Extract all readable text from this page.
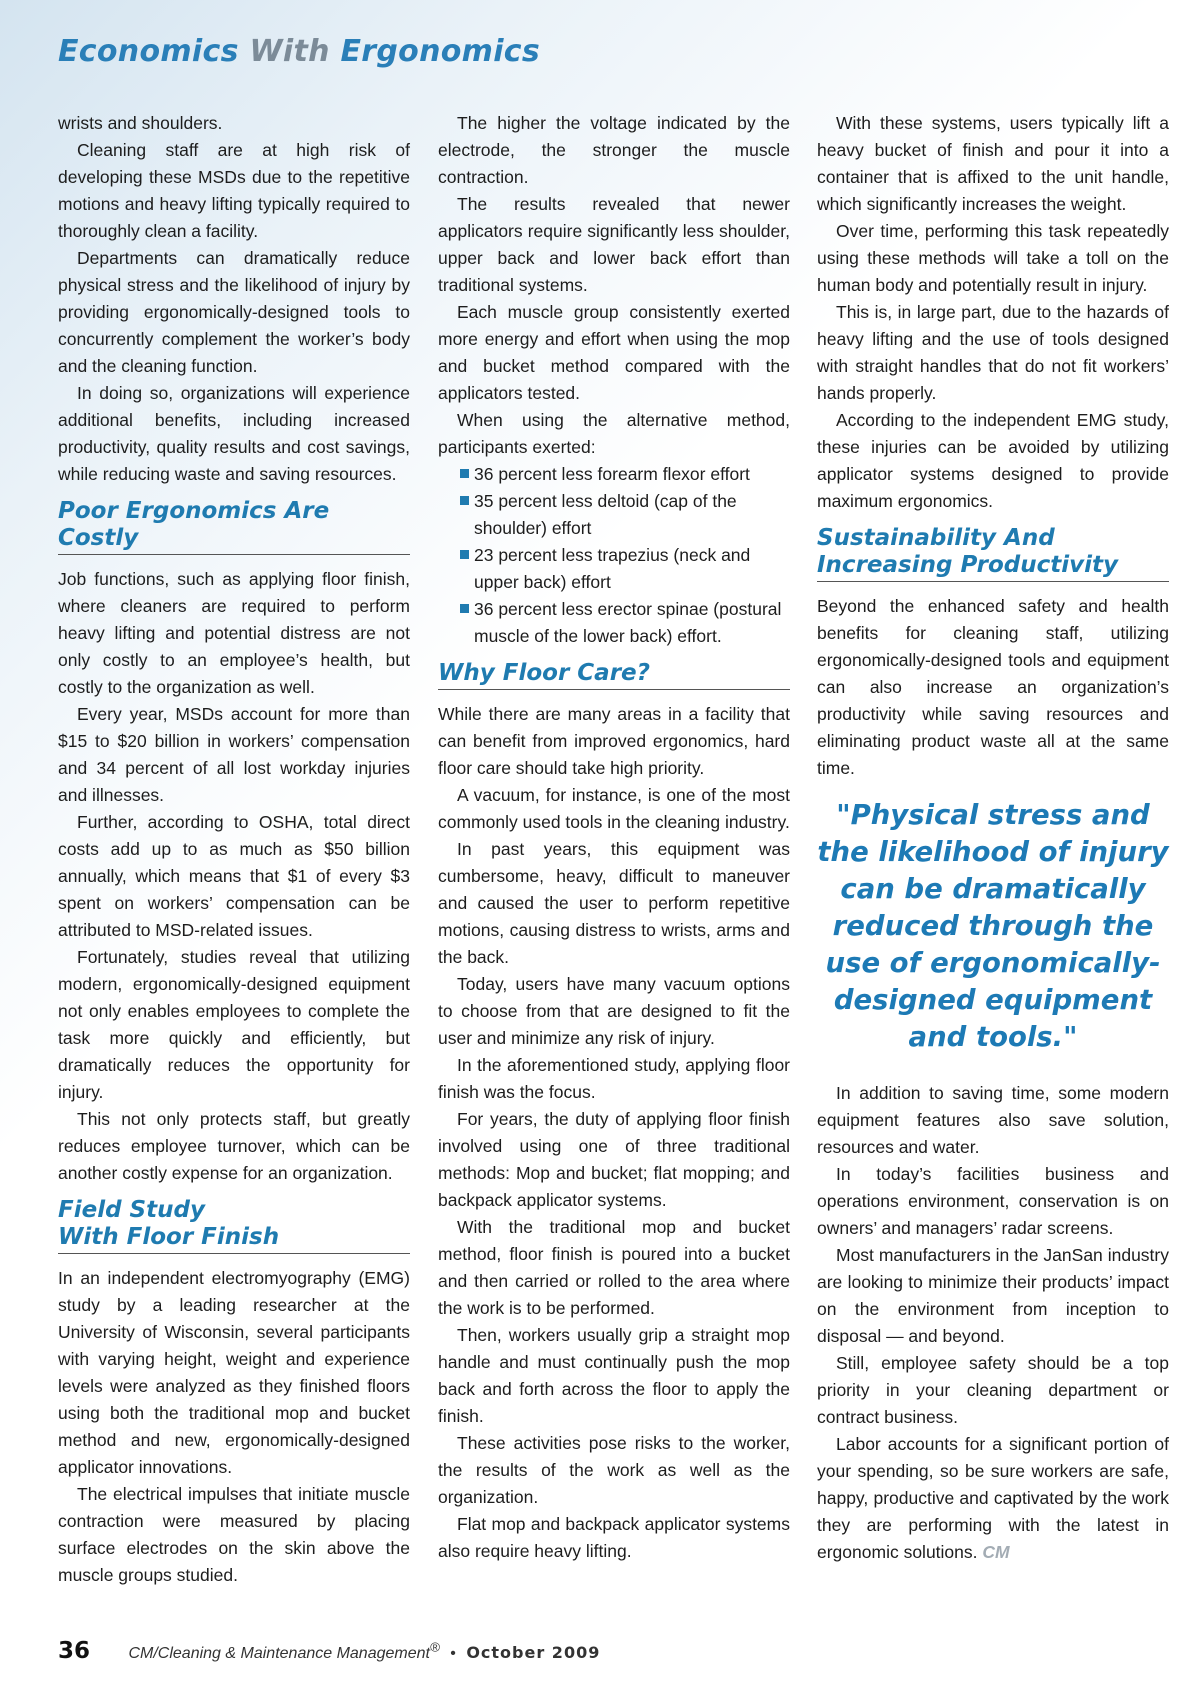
Economics With Ergonomics

wrists and shoulders.

Cleaning staff are at high risk of developing these MSDs due to the repetitive motions and heavy lifting typically required to thoroughly clean a facility.

Departments can dramatically reduce physical stress and the likelihood of injury by providing ergonomically-designed tools to concurrently complement the worker’s body and the cleaning function.

In doing so, organizations will experience additional benefits, including increased productivity, quality results and cost savings, while reducing waste and saving resources.

Poor Ergonomics Are Costly

Job functions, such as applying floor finish, where cleaners are required to perform heavy lifting and potential distress are not only costly to an employee’s health, but costly to the organization as well.

Every year, MSDs account for more than $15 to $20 billion in workers’ compensation and 34 percent of all lost workday injuries and illnesses.

Further, according to OSHA, total direct costs add up to as much as $50 billion annually, which means that $1 of every $3 spent on workers’ compensation can be attributed to MSD-related issues.

Fortunately, studies reveal that utilizing modern, ergonomically-designed equipment not only enables employees to complete the task more quickly and efficiently, but dramatically reduces the opportunity for injury.

This not only protects staff, but greatly reduces employee turnover, which can be another costly expense for an organization.

Field Study
With Floor Finish

In an independent electromyography (EMG) study by a leading researcher at the University of Wisconsin, several participants with varying height, weight and experience levels were analyzed as they finished floors using both the traditional mop and bucket method and new, ergonomically-designed applicator innovations.

The electrical impulses that initiate muscle contraction were measured by placing surface electrodes on the skin above the muscle groups studied.

The higher the voltage indicated by the electrode, the stronger the muscle contraction.

The results revealed that newer applicators require significantly less shoulder, upper back and lower back effort than traditional systems.

Each muscle group consistently exerted more energy and effort when using the mop and bucket method compared with the applicators tested.

When using the alternative method, participants exerted:

36 percent less forearm flexor effort
35 percent less deltoid (cap of the shoulder) effort
23 percent less trapezius (neck and upper back) effort
36 percent less erector spinae (postural muscle of the lower back) effort.
Why Floor Care?

While there are many areas in a facility that can benefit from improved ergonomics, hard floor care should take high priority.

A vacuum, for instance, is one of the most commonly used tools in the cleaning industry.

In past years, this equipment was cumbersome, heavy, difficult to maneuver and caused the user to perform repetitive motions, causing distress to wrists, arms and the back.

Today, users have many vacuum options to choose from that are designed to fit the user and minimize any risk of injury.

In the aforementioned study, applying floor finish was the focus.

For years, the duty of applying floor finish involved using one of three traditional methods: Mop and bucket; flat mopping; and backpack applicator systems.

With the traditional mop and bucket method, floor finish is poured into a bucket and then carried or rolled to the area where the work is to be performed.

Then, workers usually grip a straight mop handle and must continually push the mop back and forth across the floor to apply the finish.

These activities pose risks to the worker, the results of the work as well as the organization.

Flat mop and backpack applicator systems also require heavy lifting.

With these systems, users typically lift a heavy bucket of finish and pour it into a container that is affixed to the unit handle, which significantly increases the weight.

Over time, performing this task repeatedly using these methods will take a toll on the human body and potentially result in injury.

This is, in large part, due to the hazards of heavy lifting and the use of tools designed with straight handles that do not fit workers’ hands properly.

According to the independent EMG study, these injuries can be avoided by utilizing applicator systems designed to provide maximum ergonomics.

Sustainability And
Increasing Productivity

Beyond the enhanced safety and health benefits for cleaning staff, utilizing ergonomically-designed tools and equipment can also increase an organization’s productivity while saving resources and eliminating product waste all at the same time.

"Physical stress and the likelihood of injury can be dramatically reduced through the use of ergonomically-designed equipment and tools."

In addition to saving time, some modern equipment features also save solution, resources and water.

In today’s facilities business and operations environment, conservation is on owners’ and managers’ radar screens.

Most manufacturers in the JanSan industry are looking to minimize their products’ impact on the environment from inception to disposal — and beyond.

Still, employee safety should be a top priority in your cleaning department or contract business.

Labor accounts for a significant portion of your spending, so be sure workers are safe, happy, productive and captivated by the work they are performing with the latest in ergonomic solutions. CM

36 CM/Cleaning & Maintenance Management® • October 2009
